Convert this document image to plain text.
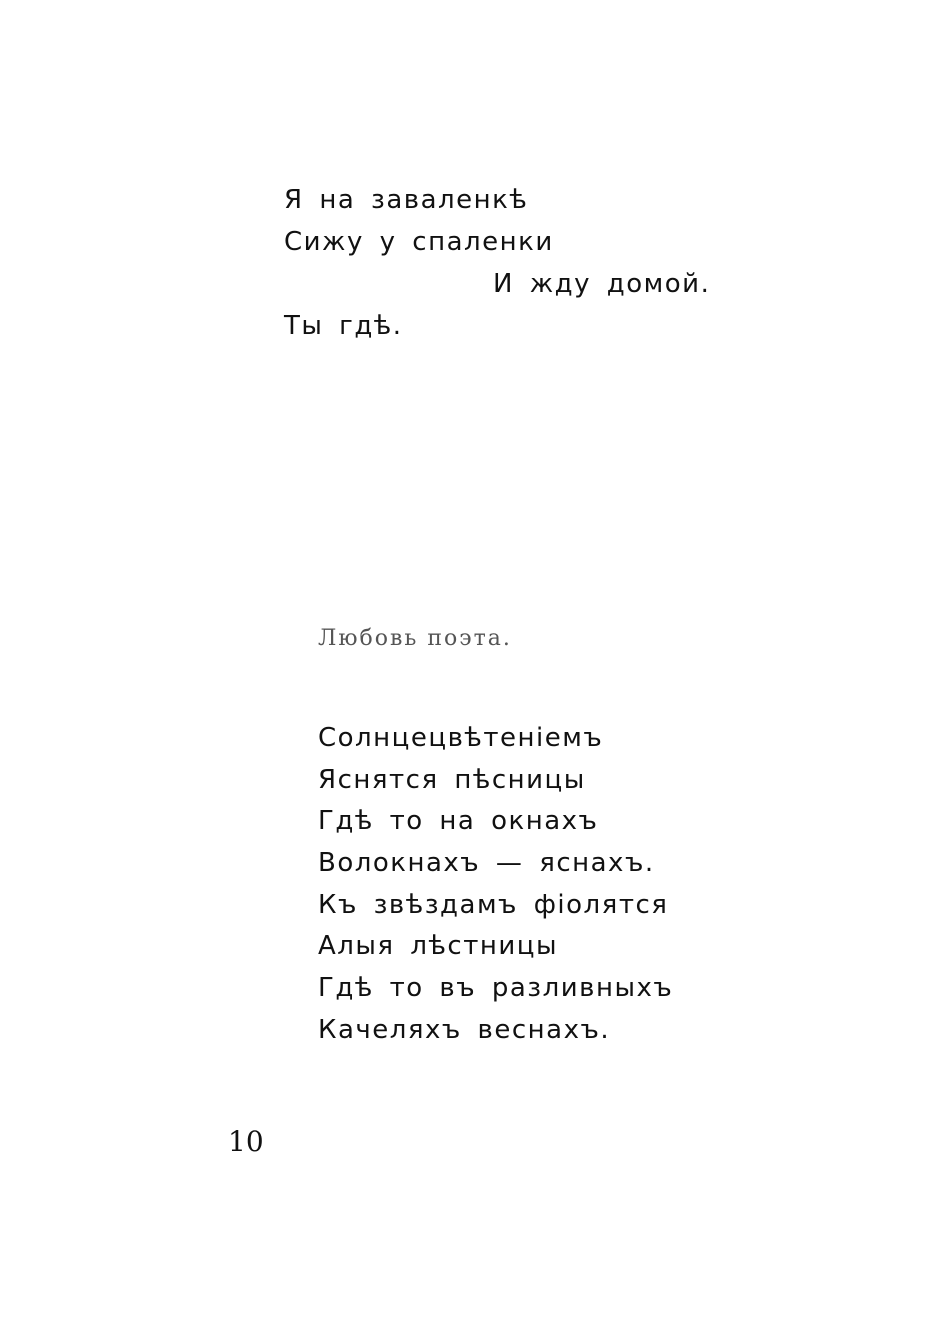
Я на заваленкѣ
Сижу у спаленки
И жду домой.
Ты гдѣ.
Любовь поэта.
Солнцецвѣтеніемъ
Яснятся пѣсницы
Гдѣ то на окнахъ
Волокнахъ — яснахъ.
Къ звѣздамъ фіолятся
Алыя лѣстницы
Гдѣ то въ разливныхъ
Качеляхъ веснахъ.
10
